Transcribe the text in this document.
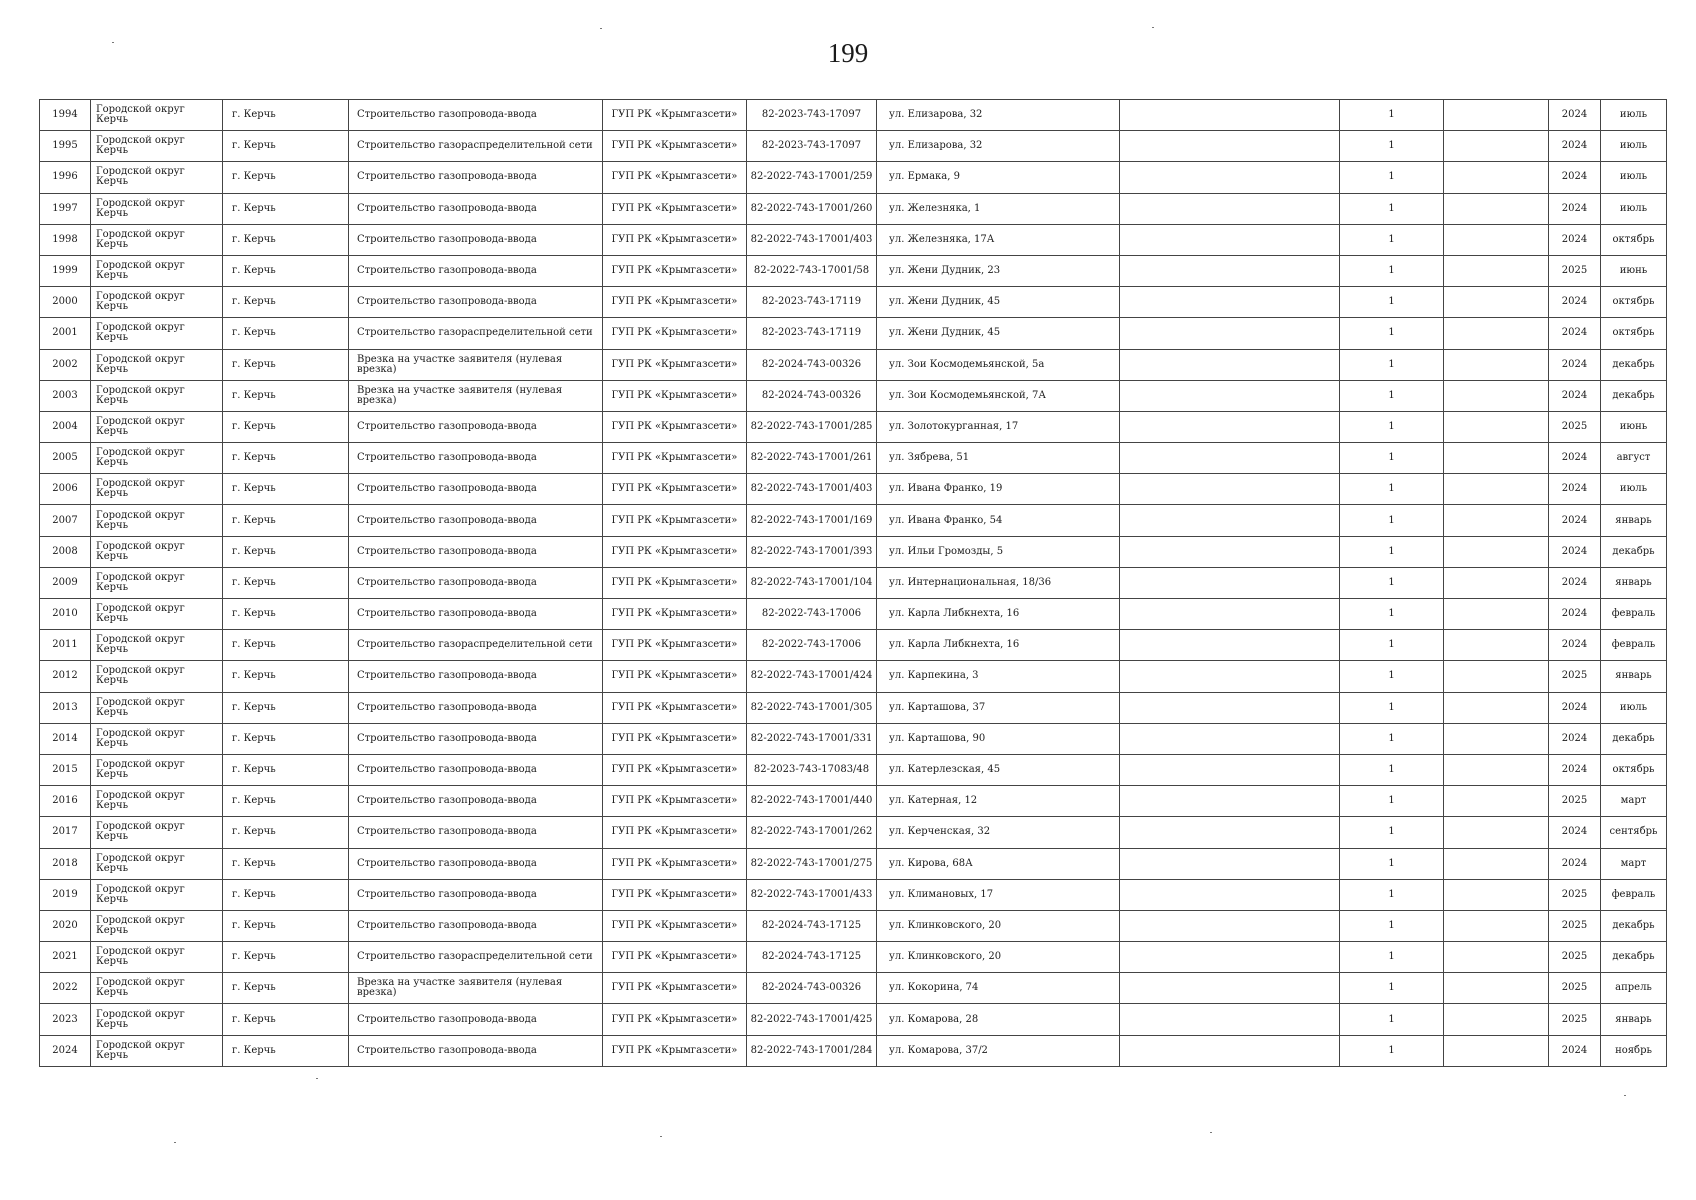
199
1994	Городской округ Керчь	г. Керчь	Строительство газопровода-ввода	ГУП РК «Крымгазсети»	82-2023-743-17097	ул. Елизарова, 32		1		2024	июль
1995	Городской округ Керчь	г. Керчь	Строительство газораспределительной сети	ГУП РК «Крымгазсети»	82-2023-743-17097	ул. Елизарова, 32		1		2024	июль
1996	Городской округ Керчь	г. Керчь	Строительство газопровода-ввода	ГУП РК «Крымгазсети»	82-2022-743-17001/259	ул. Ермака, 9		1		2024	июль
1997	Городской округ Керчь	г. Керчь	Строительство газопровода-ввода	ГУП РК «Крымгазсети»	82-2022-743-17001/260	ул. Железняка, 1		1		2024	июль
1998	Городской округ Керчь	г. Керчь	Строительство газопровода-ввода	ГУП РК «Крымгазсети»	82-2022-743-17001/403	ул. Железняка, 17А		1		2024	октябрь
1999	Городской округ Керчь	г. Керчь	Строительство газопровода-ввода	ГУП РК «Крымгазсети»	82-2022-743-17001/58	ул. Жени Дудник, 23		1		2025	июнь
2000	Городской округ Керчь	г. Керчь	Строительство газопровода-ввода	ГУП РК «Крымгазсети»	82-2023-743-17119	ул. Жени Дудник, 45		1		2024	октябрь
2001	Городской округ Керчь	г. Керчь	Строительство газораспределительной сети	ГУП РК «Крымгазсети»	82-2023-743-17119	ул. Жени Дудник, 45		1		2024	октябрь
2002	Городской округ Керчь	г. Керчь	Врезка на участке заявителя (нулевая врезка)	ГУП РК «Крымгазсети»	82-2024-743-00326	ул. Зои Космодемьянской, 5а		1		2024	декабрь
2003	Городской округ Керчь	г. Керчь	Врезка на участке заявителя (нулевая врезка)	ГУП РК «Крымгазсети»	82-2024-743-00326	ул. Зои Космодемьянской, 7А		1		2024	декабрь
2004	Городской округ Керчь	г. Керчь	Строительство газопровода-ввода	ГУП РК «Крымгазсети»	82-2022-743-17001/285	ул. Золотокурганная, 17		1		2025	июнь
2005	Городской округ Керчь	г. Керчь	Строительство газопровода-ввода	ГУП РК «Крымгазсети»	82-2022-743-17001/261	ул. Зябрева, 51		1		2024	август
2006	Городской округ Керчь	г. Керчь	Строительство газопровода-ввода	ГУП РК «Крымгазсети»	82-2022-743-17001/403	ул. Ивана Франко, 19		1		2024	июль
2007	Городской округ Керчь	г. Керчь	Строительство газопровода-ввода	ГУП РК «Крымгазсети»	82-2022-743-17001/169	ул. Ивана Франко, 54		1		2024	январь
2008	Городской округ Керчь	г. Керчь	Строительство газопровода-ввода	ГУП РК «Крымгазсети»	82-2022-743-17001/393	ул. Ильи Громозды, 5		1		2024	декабрь
2009	Городской округ Керчь	г. Керчь	Строительство газопровода-ввода	ГУП РК «Крымгазсети»	82-2022-743-17001/104	ул. Интернациональная, 18/36		1		2024	январь
2010	Городской округ Керчь	г. Керчь	Строительство газопровода-ввода	ГУП РК «Крымгазсети»	82-2022-743-17006	ул. Карла Либкнехта, 16		1		2024	февраль
2011	Городской округ Керчь	г. Керчь	Строительство газораспределительной сети	ГУП РК «Крымгазсети»	82-2022-743-17006	ул. Карла Либкнехта, 16		1		2024	февраль
2012	Городской округ Керчь	г. Керчь	Строительство газопровода-ввода	ГУП РК «Крымгазсети»	82-2022-743-17001/424	ул. Карпекина, 3		1		2025	январь
2013	Городской округ Керчь	г. Керчь	Строительство газопровода-ввода	ГУП РК «Крымгазсети»	82-2022-743-17001/305	ул. Карташова, 37		1		2024	июль
2014	Городской округ Керчь	г. Керчь	Строительство газопровода-ввода	ГУП РК «Крымгазсети»	82-2022-743-17001/331	ул. Карташова, 90		1		2024	декабрь
2015	Городской округ Керчь	г. Керчь	Строительство газопровода-ввода	ГУП РК «Крымгазсети»	82-2023-743-17083/48	ул. Катерлезская, 45		1		2024	октябрь
2016	Городской округ Керчь	г. Керчь	Строительство газопровода-ввода	ГУП РК «Крымгазсети»	82-2022-743-17001/440	ул. Катерная, 12		1		2025	март
2017	Городской округ Керчь	г. Керчь	Строительство газопровода-ввода	ГУП РК «Крымгазсети»	82-2022-743-17001/262	ул. Керченская, 32		1		2024	сентябрь
2018	Городской округ Керчь	г. Керчь	Строительство газопровода-ввода	ГУП РК «Крымгазсети»	82-2022-743-17001/275	ул. Кирова, 68А		1		2024	март
2019	Городской округ Керчь	г. Керчь	Строительство газопровода-ввода	ГУП РК «Крымгазсети»	82-2022-743-17001/433	ул. Климановых, 17		1		2025	февраль
2020	Городской округ Керчь	г. Керчь	Строительство газопровода-ввода	ГУП РК «Крымгазсети»	82-2024-743-17125	ул. Клинковского, 20		1		2025	декабрь
2021	Городской округ Керчь	г. Керчь	Строительство газораспределительной сети	ГУП РК «Крымгазсети»	82-2024-743-17125	ул. Клинковского, 20		1		2025	декабрь
2022	Городской округ Керчь	г. Керчь	Врезка на участке заявителя (нулевая врезка)	ГУП РК «Крымгазсети»	82-2024-743-00326	ул. Кокорина, 74		1		2025	апрель
2023	Городской округ Керчь	г. Керчь	Строительство газопровода-ввода	ГУП РК «Крымгазсети»	82-2022-743-17001/425	ул. Комарова, 28		1		2025	январь
2024	Городской округ Керчь	г. Керчь	Строительство газопровода-ввода	ГУП РК «Крымгазсети»	82-2022-743-17001/284	ул. Комарова, 37/2		1		2024	ноябрь
